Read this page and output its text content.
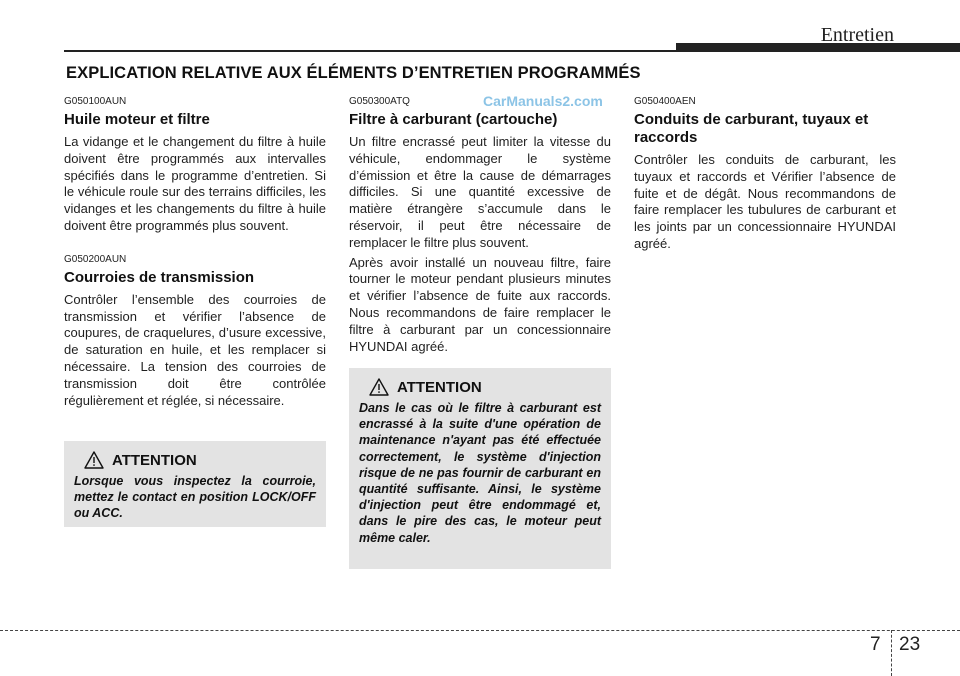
Entretien
EXPLICATION RELATIVE AUX ÉLÉMENTS D’ENTRETIEN PROGRAMMÉS
CarManuals2.com

G050100AUN

Huile moteur et filtre

La vidange et le changement du filtre à huile doivent être programmés aux intervalles spécifiés dans le programme d’entretien. Si le véhicule roule sur des terrains difficiles, les vidanges et les changements du filtre à huile doivent être programmés plus souvent.

G050200AUN

Courroies de transmission

Contrôler l’ensemble des courroies de transmission et vérifier l’absence de coupures, de craquelures, d’usure excessive, de saturation en huile, et les remplacer si nécessaire. La tension des courroies de transmission doit être contrôlée régulièrement et réglée, si nécessaire.

ATTENTION

Lorsque vous inspectez la courroie, mettez le contact en position LOCK/OFF ou ACC.

G050300ATQ

Filtre à carburant (cartouche)

Un filtre encrassé peut limiter la vitesse du véhicule, endommager le système d’émission et être la cause de démarrages difficiles. Si une quantité excessive de matière étrangère s’accumule dans le réservoir, il peut être nécessaire de remplacer le filtre plus souvent.

Après avoir installé un nouveau filtre, faire tourner le moteur pendant plusieurs minutes et vérifier l’absence de fuite aux raccords. Nous recommandons de faire remplacer le filtre à carburant par un concessionnaire HYUNDAI agréé.

ATTENTION

Dans le cas où le filtre à carburant est encrassé à la suite d'une opération de maintenance n'ayant pas été effectuée correctement, le système d'injection risque de ne pas fournir de carburant en quantité suffisante. Ainsi, le système d'injection peut être endommagé et, dans le pire des cas, le moteur peut même caler.

G050400AEN

Conduits de carburant, tuyaux et raccords

Contrôler les conduits de carburant, les tuyaux et raccords et Vérifier l’absence de fuite et de dégât. Nous recommandons de faire remplacer les tubulures de carburant et les joints par un concessionnaire HYUNDAI agréé.

7 23
